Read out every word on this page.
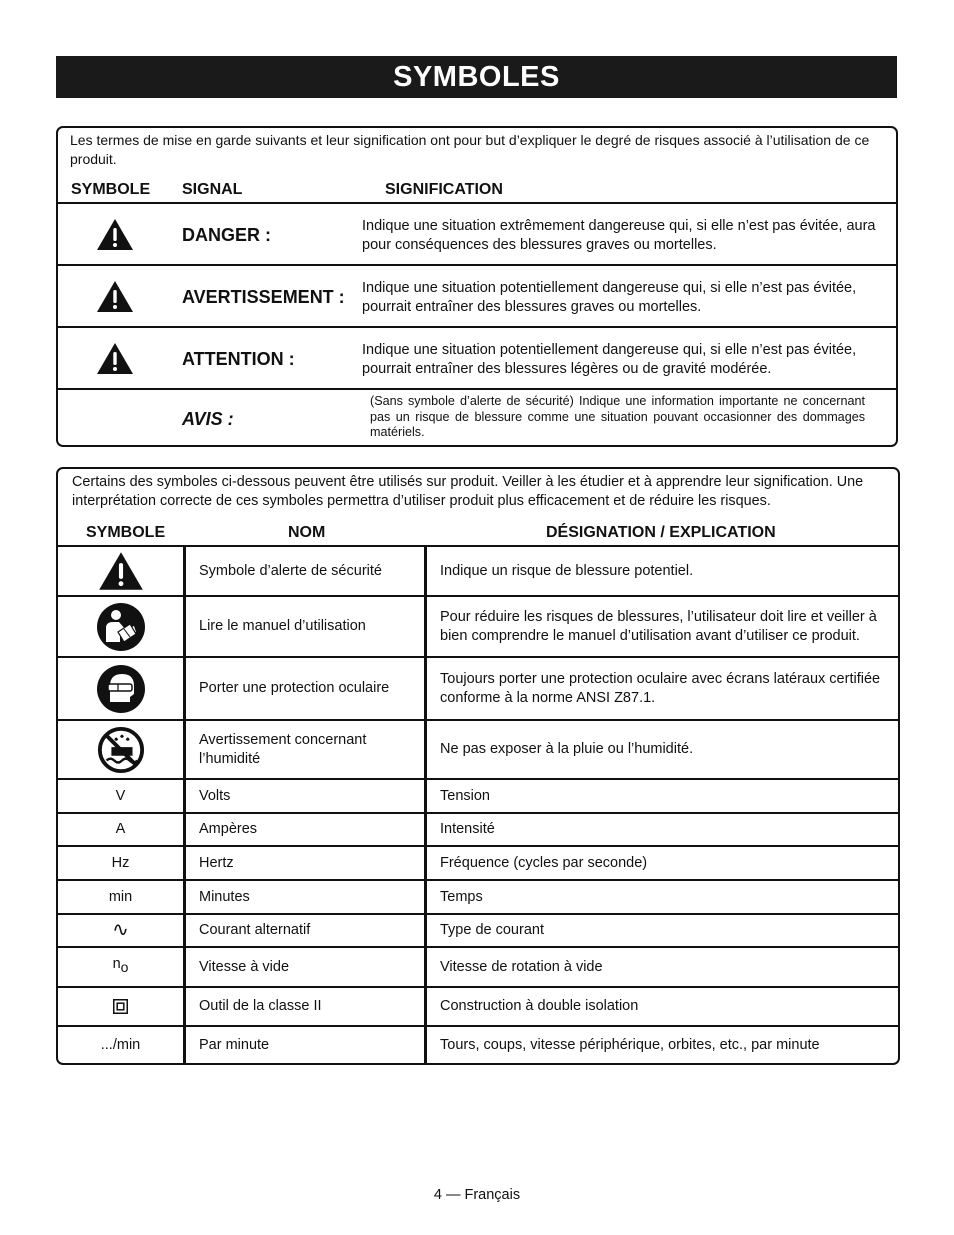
SYMBOLES
Les termes de mise en garde suivants et leur signification ont pour but d’expliquer le degré de risques associé à l’utilisation de ce produit.
SYMBOLE SIGNAL	SIGNIFICATION
DANGER :	Indique une situation extrêmement dangereuse qui, si elle n’est pas évitée, aura pour conséquences des blessures graves ou mortelles.
AVERTISSEMENT : Indique une situation potentiellement dangereuse qui, si elle n’est pas évitée, pourrait entraîner des blessures graves ou mortelles.
ATTENTION :	Indique une situation potentiellement dangereuse qui, si elle n’est pas évitée, pourrait entraîner des blessures légères ou de gravité modérée.
AVIS :
(Sans symbole d’alerte de sécurité) Indique une information importante ne concernant pas un risque de blessure comme une situation pouvant occasionner des dommages matériels.
Certains des symboles ci-dessous peuvent être utilisés sur produit. Veiller à les étudier et à apprendre leur signification. Une interprétation correcte de ces symboles permettra d’utiliser produit plus efficacement et de réduire les risques.
SYMBOLE	NOM	DÉSIGNATION / EXPLICATION
	Symbole d’alerte de sécurité	Indique un risque de blessure potentiel.
	Lire le manuel d’utilisation	Pour réduire les risques de blessures, l’utilisateur doit lire et veiller à bien comprendre le manuel d’utilisation avant d’utiliser ce produit.
	Porter une protection oculaire	Toujours porter une protection oculaire avec écrans latéraux certifiée conforme à la norme ANSI Z87.1.
	Avertissement concernant l’humidité	Ne pas exposer à la pluie ou l’humidité.
V	Volts	Tension
A	Ampères	Intensité
Hz	Hertz	Fréquence (cycles par seconde)
min	Minutes	Temps
∿	Courant alternatif	Type de courant
no	Vitesse à vide	Vitesse de rotation à vide
	Outil de la classe II	Construction à double isolation
.../min	Par minute	Tours, coups, vitesse périphérique, orbites, etc., par minute
4 — Français
